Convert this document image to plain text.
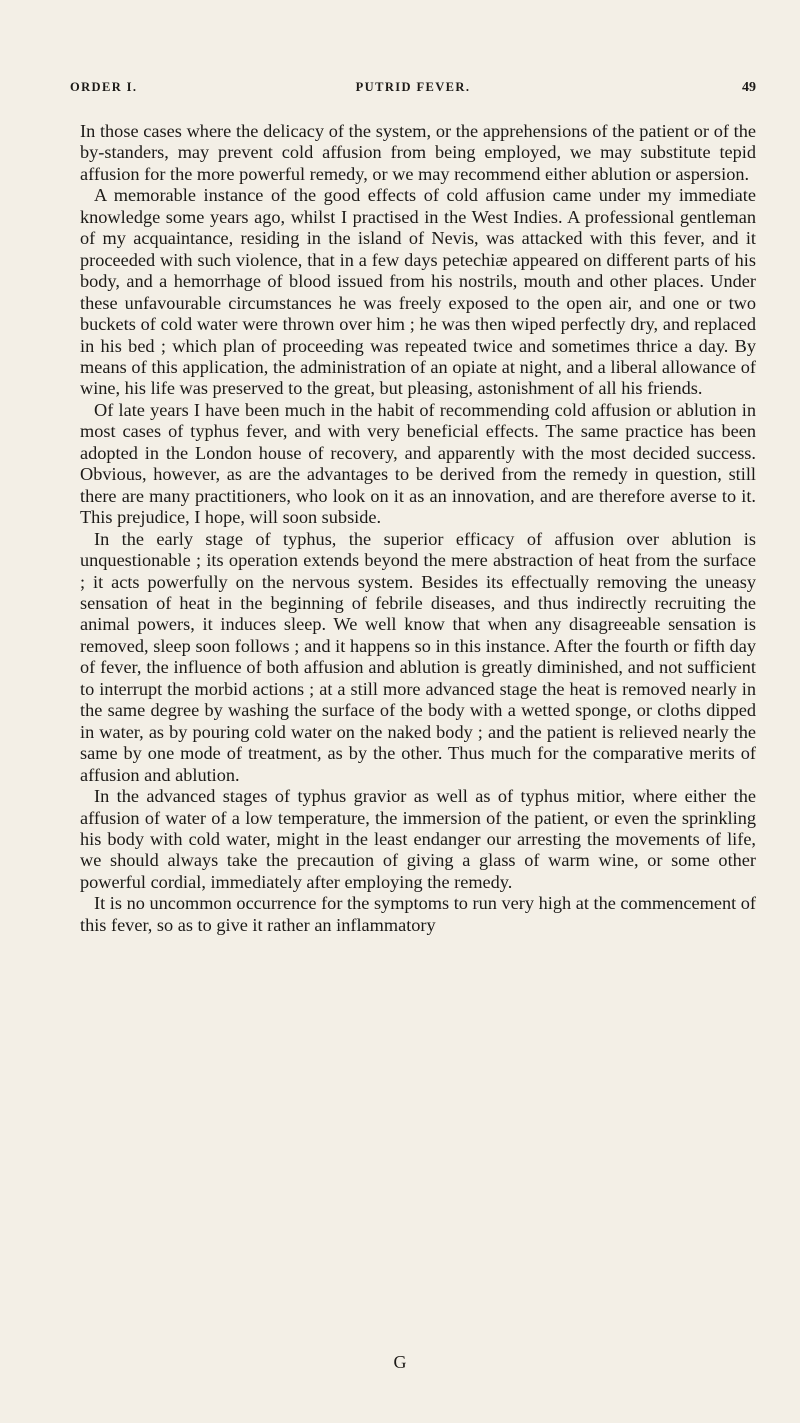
ORDER I.	PUTRID FEVER.	49

In those cases where the delicacy of the system, or the apprehensions of the patient or of the by-standers, may prevent cold affusion from being employed, we may substitute tepid affusion for the more powerful remedy, or we may recommend either ablution or aspersion.

A memorable instance of the good effects of cold affusion came under my immediate knowledge some years ago, whilst I practised in the West Indies. A professional gentleman of my acquaintance, residing in the island of Nevis, was attacked with this fever, and it proceeded with such violence, that in a few days petechiæ appeared on different parts of his body, and a hemorrhage of blood issued from his nostrils, mouth and other places. Under these unfavourable circumstances he was freely exposed to the open air, and one or two buckets of cold water were thrown over him ; he was then wiped perfectly dry, and replaced in his bed ; which plan of proceeding was repeated twice and sometimes thrice a day. By means of this application, the administration of an opiate at night, and a liberal allowance of wine, his life was preserved to the great, but pleasing, astonishment of all his friends.

Of late years I have been much in the habit of recommending cold affusion or ablution in most cases of typhus fever, and with very beneficial effects. The same practice has been adopted in the London house of recovery, and apparently with the most decided success. Obvious, however, as are the advantages to be derived from the remedy in question, still there are many practitioners, who look on it as an innovation, and are therefore averse to it. This prejudice, I hope, will soon subside.

In the early stage of typhus, the superior efficacy of affusion over ablution is unquestionable ; its operation extends beyond the mere abstraction of heat from the surface ; it acts powerfully on the nervous system. Besides its effectually removing the uneasy sensation of heat in the beginning of febrile diseases, and thus indirectly recruiting the animal powers, it induces sleep. We well know that when any disagreeable sensation is removed, sleep soon follows ; and it happens so in this instance. After the fourth or fifth day of fever, the influence of both affusion and ablution is greatly diminished, and not sufficient to interrupt the morbid actions ; at a still more advanced stage the heat is removed nearly in the same degree by washing the surface of the body with a wetted sponge, or cloths dipped in water, as by pouring cold water on the naked body ; and the patient is relieved nearly the same by one mode of treatment, as by the other. Thus much for the comparative merits of affusion and ablution.

In the advanced stages of typhus gravior as well as of typhus mitior, where either the affusion of water of a low temperature, the immersion of the patient, or even the sprinkling his body with cold water, might in the least endanger our arresting the movements of life, we should always take the precaution of giving a glass of warm wine, or some other powerful cordial, immediately after employing the remedy.

It is no uncommon occurrence for the symptoms to run very high at the commencement of this fever, so as to give it rather an inflammatory

G
